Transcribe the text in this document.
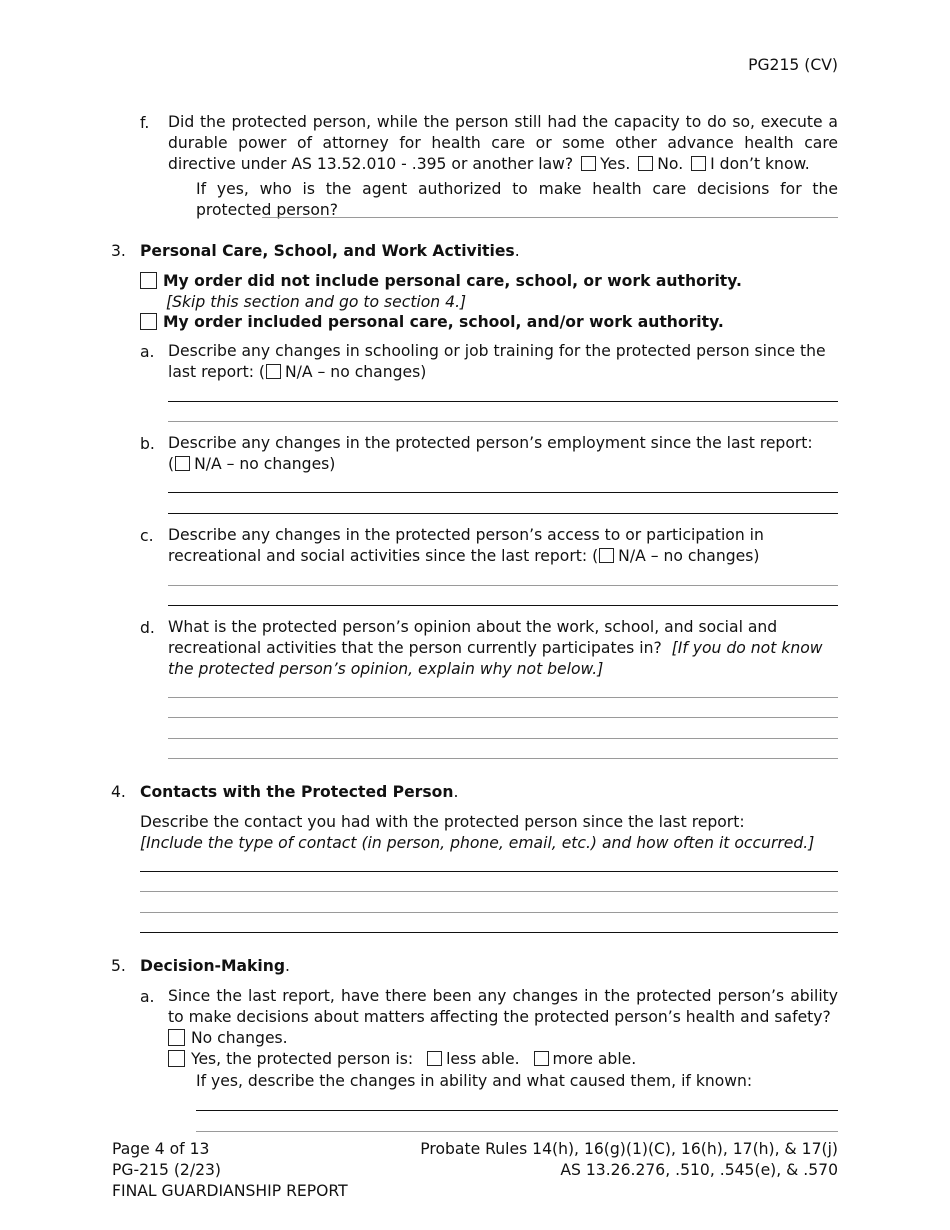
PG215 (CV)
f. Did the protected person, while the person still had the capacity to do so, execute a durable power of attorney for health care or some other advance health care directive under AS 13.52.010 - .395 or another law? Yes. No. I don’t know.
If yes, who is the agent authorized to make health care decisions for the protected person?
3. Personal Care, School, and Work Activities.
My order did not include personal care, school, or work authority.
[Skip this section and go to section 4.]
My order included personal care, school, and/or work authority.
a. Describe any changes in schooling or job training for the protected person since the last report: ( N/A – no changes)
b. Describe any changes in the protected person’s employment since the last report:
( N/A – no changes)
c. Describe any changes in the protected person’s access to or participation in recreational and social activities since the last report: ( N/A – no changes)
d. What is the protected person’s opinion about the work, school, and social and recreational activities that the person currently participates in? [If you do not know the protected person’s opinion, explain why not below.]
4. Contacts with the Protected Person.
Describe the contact you had with the protected person since the last report:
[Include the type of contact (in person, phone, email, etc.) and how often it occurred.]
5. Decision-Making.
a. Since the last report, have there been any changes in the protected person’s ability to make decisions about matters affecting the protected person’s health and safety?
No changes.
Yes, the protected person is: less able. more able.
If yes, describe the changes in ability and what caused them, if known:
Page 4 of 13
PG-215 (2/23)
FINAL GUARDIANSHIP REPORT
Probate Rules 14(h), 16(g)(1)(C), 16(h), 17(h), & 17(j)
AS 13.26.276, .510, .545(e), & .570
